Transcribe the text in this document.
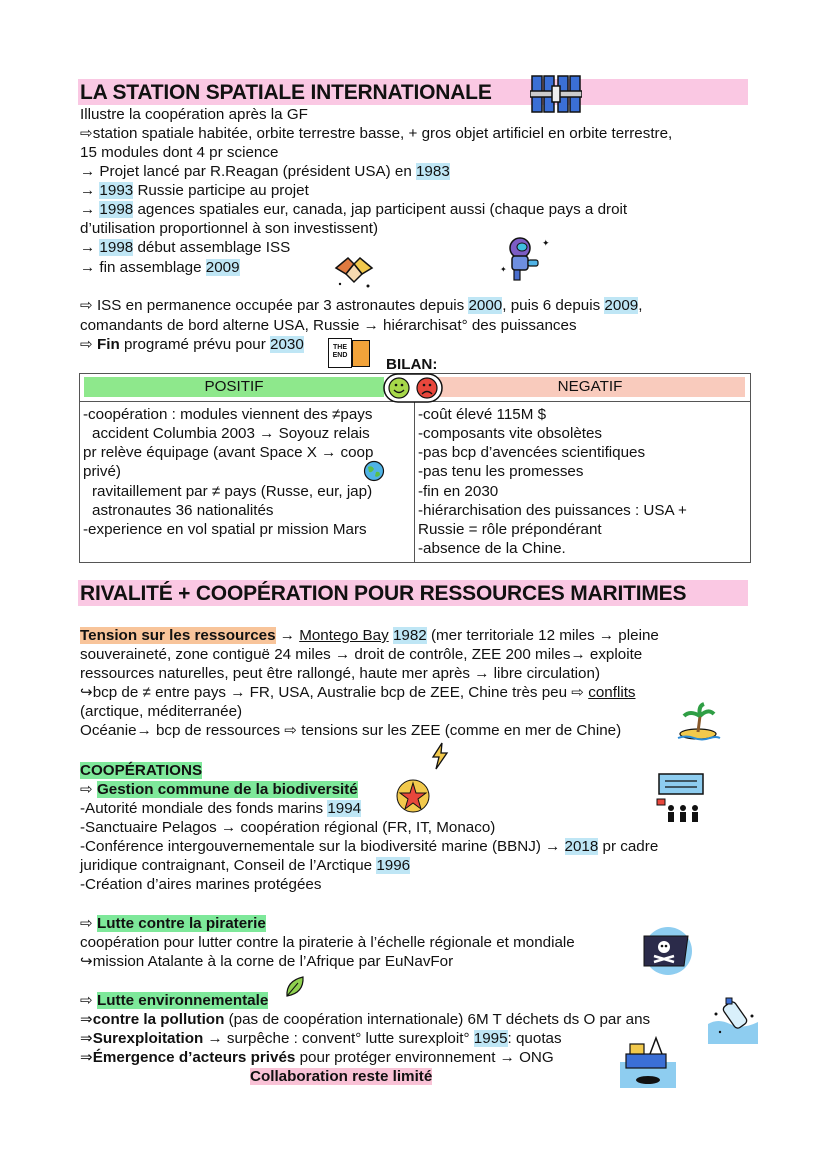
LA STATION SPATIALE INTERNATIONALE
Illustre la coopération après la GF
⇨station spatiale habitée, orbite terrestre basse, + gros objet artificiel en orbite terrestre,
15 modules dont 4 pr science
→ Projet lancé par R.Reagan (président USA) en 1983
→ 1993 Russie participe au projet
→ 1998 agences spatiales eur, canada, jap participent aussi (chaque pays a droit
d’utilisation proportionnel à son investissent)
→ 1998 début assemblage ISS
→ fin assemblage 2009
✦
✦
⇨ ISS en permanence occupée par 3 astronautes depuis 2000, puis 6 depuis 2009,
comandants de bord alterne USA, Russie → hiérarchisat° des puissances
⇨ Fin programé prévu pour 2030	THE END
BILAN:
POSITIF	NEGATIF
-coopération : modules viennent des ≠pays
accident Columbia 2003 → Soyouz relais
pr relève équipage (avant Space X → coop
privé)
ravitaillement par ≠ pays (Russe, eur, jap)
astronautes 36 nationalités
-experience en vol spatial pr mission Mars
-coût élevé 115M $
-composants vite obsolètes
-pas bcp d’avencées scientifiques
-pas tenu les promesses
-fin en 2030
-hiérarchisation des puissances : USA +
Russie = rôle prépondérant
-absence de la Chine.
RIVALITÉ + COOPÉRATION POUR RESSOURCES MARITIMES
Tension sur les ressources → Montego Bay 1982 (mer territoriale 12 miles → pleine
souveraineté, zone contiguë 24 miles → droit de contrôle, ZEE 200 miles→ exploite
ressources naturelles, peut être rallongé, haute mer après → libre circulation)
↪bcp de ≠ entre pays → FR, USA, Australie bcp de ZEE, Chine très peu ⇨ conflits
(arctique, méditerranée)
Océanie→ bcp de ressources ⇨ tensions sur les ZEE (comme en mer de Chine)
COOPÉRATIONS
⇨ Gestion commune de la biodiversité
-Autorité mondiale des fonds marins 1994
-Sanctuaire Pelagos → coopération régional (FR, IT, Monaco)
-Conférence intergouvernementale sur la biodiversité marine (BBNJ) → 2018 pr cadre
juridique contraignant, Conseil de l’Arctique 1996
-Création d’aires marines protégées
⇨ Lutte contre la piraterie
coopération pour lutter contre la piraterie à l’échelle régionale et mondiale
↪mission Atalante à la corne de l’Afrique par EuNavFor
⇨ Lutte environnementale
⇒contre la pollution (pas de coopération internationale) 6M T déchets ds O par ans
⇒Surexploitation → surpêche : convent° lutte surexploit° 1995: quotas
⇒Émergence d’acteurs privés pour protéger environnement → ONG
Collaboration reste limité
